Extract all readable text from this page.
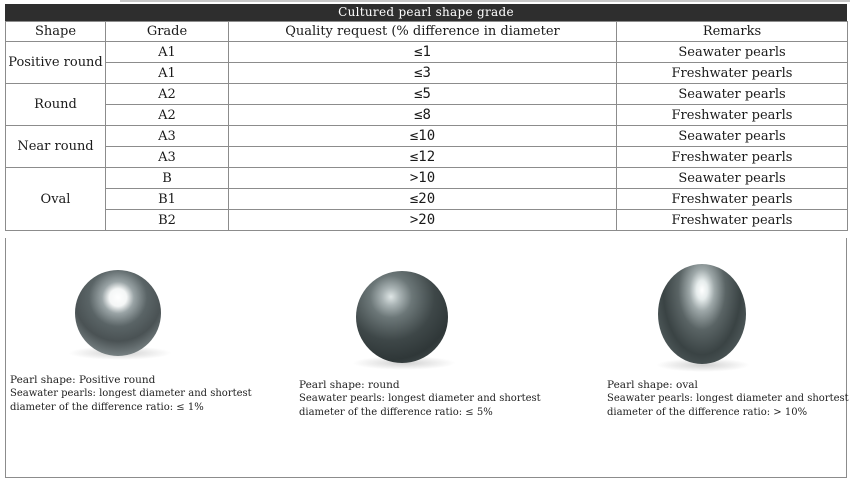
Cultured pearl shape grade
Shape	Grade	Quality request (% difference in diameter	Remarks
Positive round	A1	≤1	Seawater pearls
	A1	≤3	Freshwater pearls
Round	A2	≤5	Seawater pearls
	A2	≤8	Freshwater pearls
Near round	A3	≤10	Seawater pearls
	A3	≤12	Freshwater pearls
Oval	B	>10	Seawater pearls
	B1	≤20	Freshwater pearls
	B2	>20	Freshwater pearls
Pearl shape: Positive round
Seawater pearls: longest diameter and shortest
diameter of the difference ratio: ≤ 1%
Pearl shape: round
Seawater pearls: longest diameter and shortest
diameter of the difference ratio: ≤ 5%
Pearl shape: oval
Seawater pearls: longest diameter and shortest
diameter of the difference ratio: > 10%
